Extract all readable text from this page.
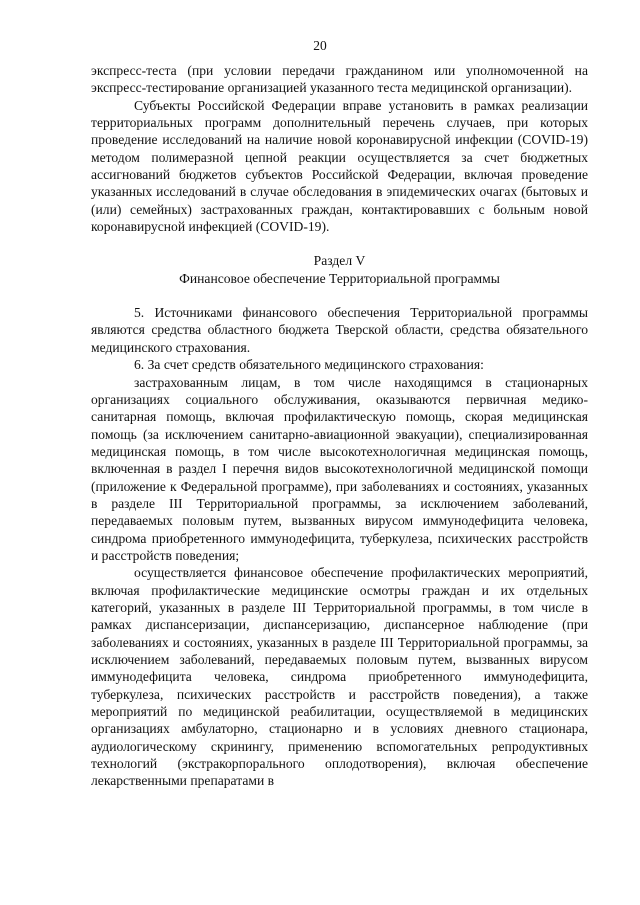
20

экспресс-теста (при условии передачи гражданином или уполномоченной на экспресс-тестирование организацией указанного теста медицинской организации).

Субъекты Российской Федерации вправе установить в рамках реализации территориальных программ дополнительный перечень случаев, при которых проведение исследований на наличие новой коронавирусной инфекции (COVID-19) методом полимеразной цепной реакции осуществляется за счет бюджетных ассигнований бюджетов субъектов Российской Федерации, включая проведение указанных исследований в случае обследования в эпидемических очагах (бытовых и (или) семейных) застрахованных граждан, контактировавших с больным новой коронавирусной инфекцией (COVID-19).

Раздел V

Финансовое обеспечение Территориальной программы

5. Источниками финансового обеспечения Территориальной программы являются средства областного бюджета Тверской области, средства обязательного медицинского страхования.

6. За счет средств обязательного медицинского страхования:

застрахованным лицам, в том числе находящимся в стационарных организациях социального обслуживания, оказываются первичная медико-санитарная помощь, включая профилактическую помощь, скорая медицинская помощь (за исключением санитарно-авиационной эвакуации), специализированная медицинская помощь, в том числе высокотехнологичная медицинская помощь, включенная в раздел I перечня видов высокотехнологичной медицинской помощи (приложение к Федеральной программе), при заболеваниях и состояниях, указанных в разделе III Территориальной программы, за исключением заболеваний, передаваемых половым путем, вызванных вирусом иммунодефицита человека, синдрома приобретенного иммунодефицита, туберкулеза, психических расстройств и расстройств поведения;

осуществляется финансовое обеспечение профилактических мероприятий, включая профилактические медицинские осмотры граждан и их отдельных категорий, указанных в разделе III Территориальной программы, в том числе в рамках диспансеризации, диспансеризацию, диспансерное наблюдение (при заболеваниях и состояниях, указанных в разделе III Территориальной программы, за исключением заболеваний, передаваемых половым путем, вызванных вирусом иммунодефицита человека, синдрома приобретенного иммунодефицита, туберкулеза, психических расстройств и расстройств поведения), а также мероприятий по медицинской реабилитации, осуществляемой в медицинских организациях амбулаторно, стационарно и в условиях дневного стационара, аудиологическому скринингу, применению вспомогательных репродуктивных технологий (экстракорпорального оплодотворения), включая обеспечение лекарственными препаратами в
